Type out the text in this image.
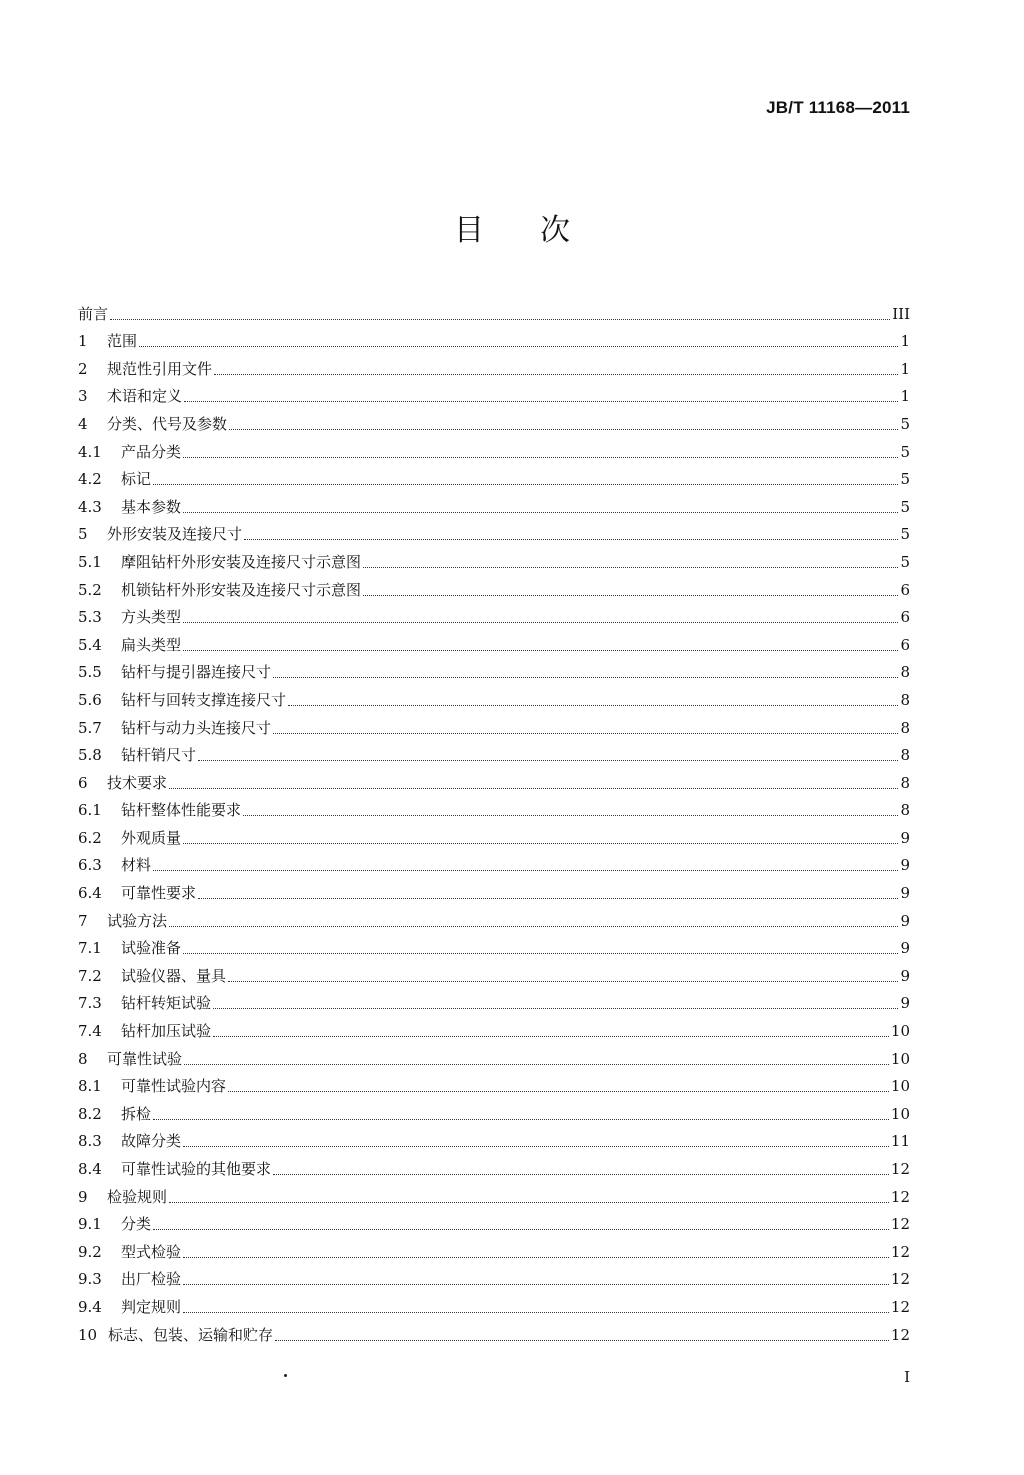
JB/T 11168—2011
目 次
前言	III
1	范围	1
2	规范性引用文件	1
3	术语和定义	1
4	分类、代号及参数	5
4.1	产品分类	5
4.2	标记	5
4.3	基本参数	5
5	外形安装及连接尺寸	5
5.1	摩阻钻杆外形安装及连接尺寸示意图	5
5.2	机锁钻杆外形安装及连接尺寸示意图	6
5.3	方头类型	6
5.4	扁头类型	6
5.5	钻杆与提引器连接尺寸	8
5.6	钻杆与回转支撑连接尺寸	8
5.7	钻杆与动力头连接尺寸	8
5.8	钻杆销尺寸	8
6	技术要求	8
6.1	钻杆整体性能要求	8
6.2	外观质量	9
6.3	材料	9
6.4	可靠性要求	9
7	试验方法	9
7.1	试验准备	9
7.2	试验仪器、量具	9
7.3	钻杆转矩试验	9
7.4	钻杆加压试验	10
8	可靠性试验	10
8.1	可靠性试验内容	10
8.2	拆检	10
8.3	故障分类	11
8.4	可靠性试验的其他要求	12
9	检验规则	12
9.1	分类	12
9.2	型式检验	12
9.3	出厂检验	12
9.4	判定规则	12
10 标志、包装、运输和贮存	12
I
